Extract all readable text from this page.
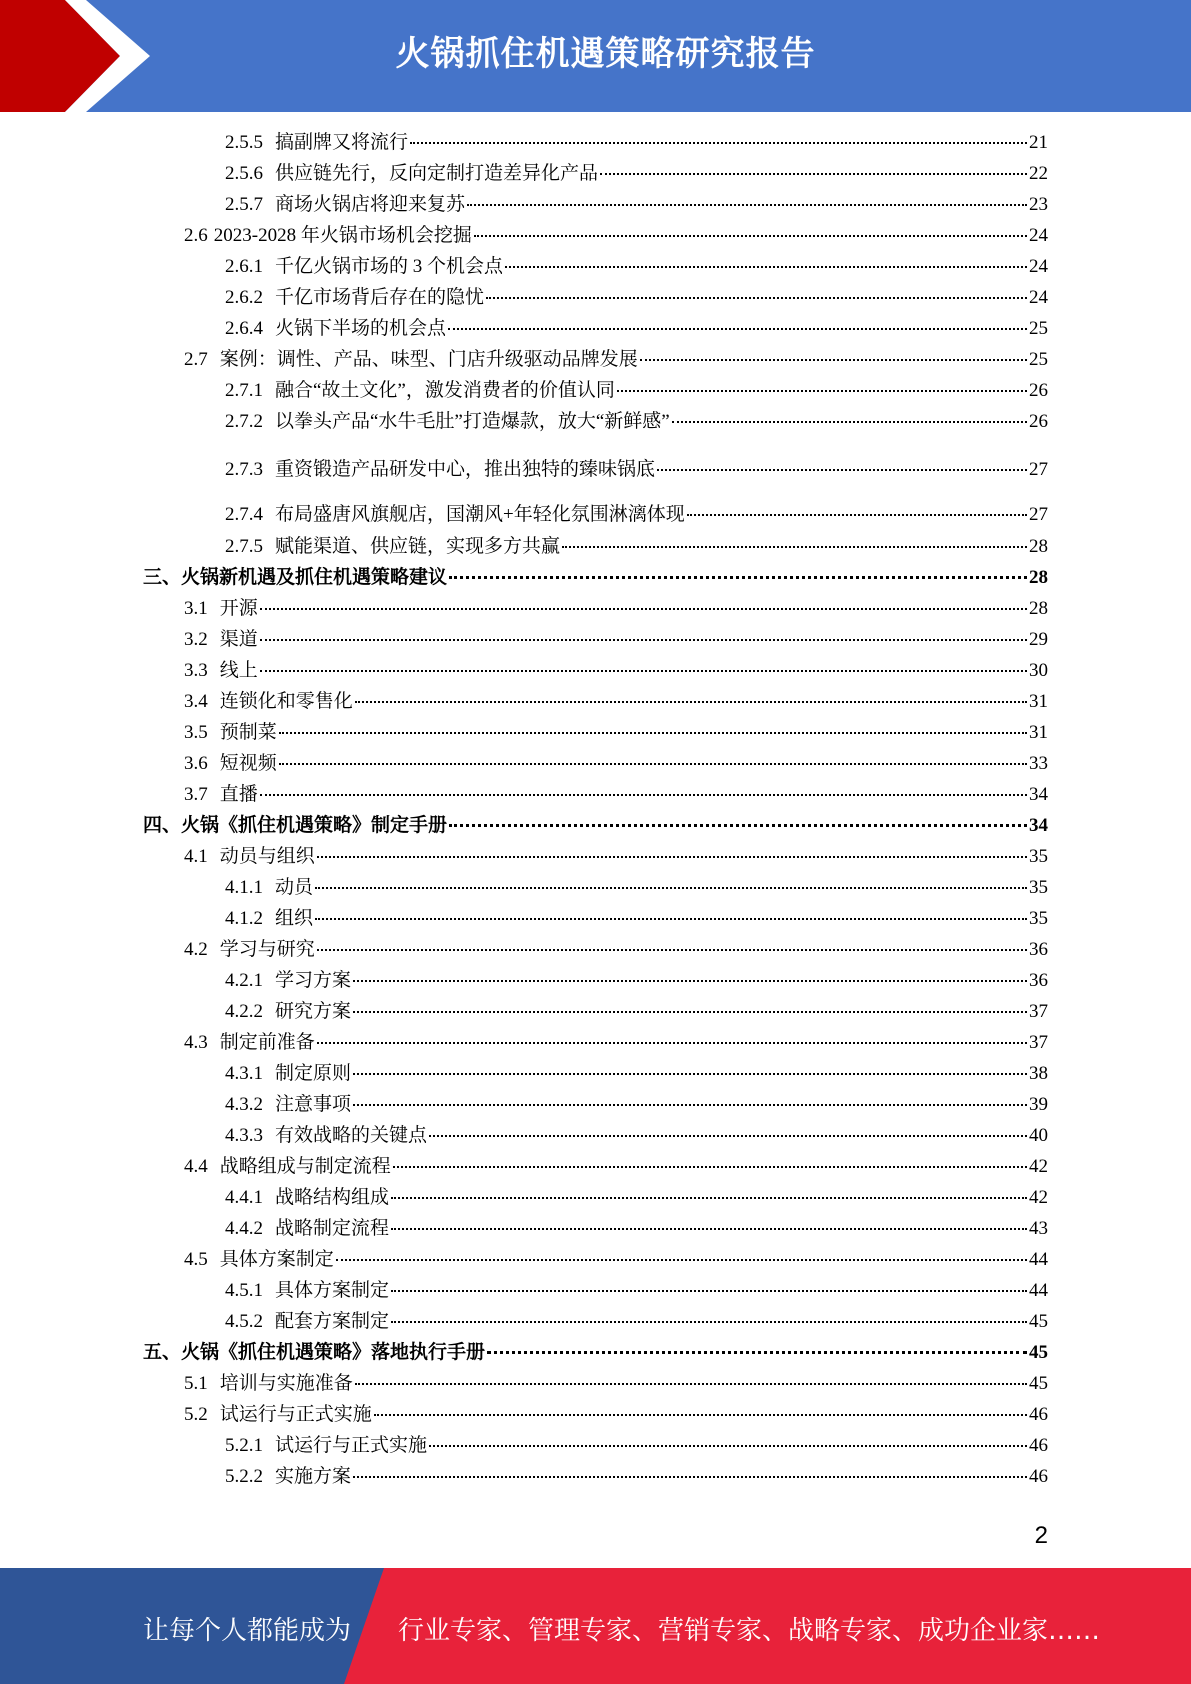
火锅抓住机遇策略研究报告
2.5.5 搞副牌又将流行	21
2.5.6 供应链先行，反向定制打造差异化产品	22
2.5.7 商场火锅店将迎来复苏	23
2.6 2023-2028 年火锅市场机会挖掘	24
2.6.1 千亿火锅市场的 3 个机会点	24
2.6.2 千亿市场背后存在的隐忧	24
2.6.4 火锅下半场的机会点	25
2.7 案例：调性、产品、味型、门店升级驱动品牌发展	25
2.7.1 融合“故土文化”，激发消费者的价值认同	26
2.7.2 以拳头产品“水牛毛肚”打造爆款，放大“新鲜感”	26
2.7.3 重资锻造产品研发中心，推出独特的臻味锅底	27
2.7.4 布局盛唐风旗舰店，国潮风+年轻化氛围淋漓体现	27
2.7.5 赋能渠道、供应链，实现多方共赢	28
三、 火锅新机遇及抓住机遇策略建议	28
3.1 开源	28
3.2 渠道	29
3.3 线上	30
3.4 连锁化和零售化	31
3.5 预制菜	31
3.6 短视频	33
3.7 直播	34
四、 火锅《抓住机遇策略》制定手册	34
4.1 动员与组织	35
4.1.1 动员	35
4.1.2 组织	35
4.2 学习与研究	36
4.2.1 学习方案	36
4.2.2 研究方案	37
4.3 制定前准备	37
4.3.1 制定原则	38
4.3.2 注意事项	39
4.3.3 有效战略的关键点	40
4.4 战略组成与制定流程	42
4.4.1 战略结构组成	42
4.4.2 战略制定流程	43
4.5 具体方案制定	44
4.5.1 具体方案制定	44
4.5.2 配套方案制定	45
五、 火锅《抓住机遇策略》落地执行手册	45
5.1 培训与实施准备	45
5.2 试运行与正式实施	46
5.2.1 试运行与正式实施	46
5.2.2 实施方案	46
2
让每个人都能成为 行业专家、管理专家、营销专家、战略专家、成功企业家……
